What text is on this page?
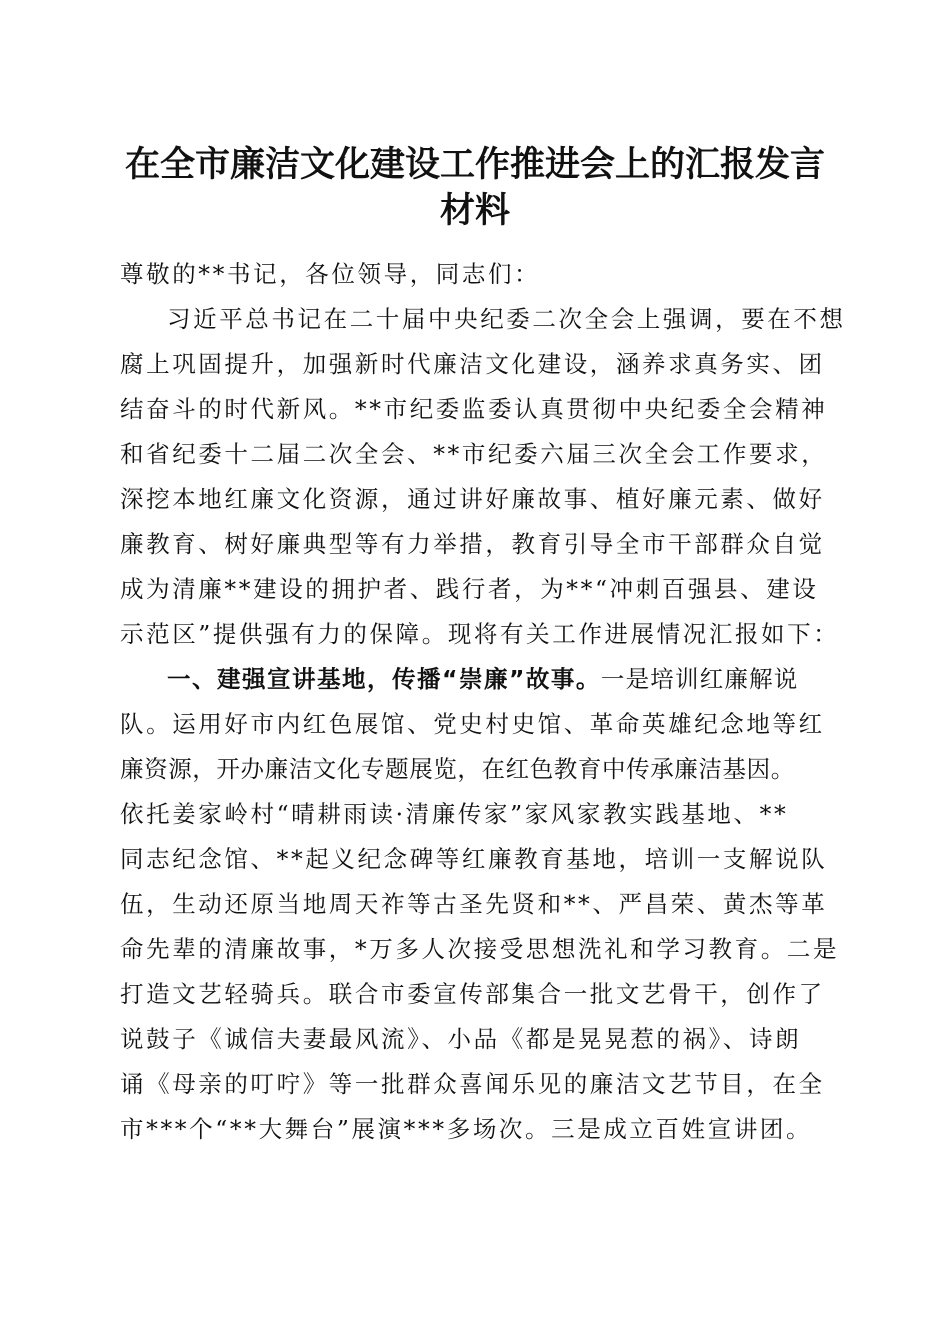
在全市廉洁文化建设工作推进会上的汇报发言
材料
尊敬的**书记，各位领导，同志们：
习近平总书记在二十届中央纪委二次全会上强调，要在不想
腐上巩固提升，加强新时代廉洁文化建设，涵养求真务实、团
结奋斗的时代新风。**市纪委监委认真贯彻中央纪委全会精神
和省纪委十二届二次全会、**市纪委六届三次全会工作要求，
深挖本地红廉文化资源，通过讲好廉故事、植好廉元素、做好
廉教育、树好廉典型等有力举措，教育引导全市干部群众自觉
成为清廉**建设的拥护者、践行者，为**“冲刺百强县、建设
示范区”提供强有力的保障。现将有关工作进展情况汇报如下：
一、建强宣讲基地，传播“崇廉”故事。一是培训红廉解说
队。运用好市内红色展馆、党史村史馆、革命英雄纪念地等红
廉资源，开办廉洁文化专题展览，在红色教育中传承廉洁基因。
依托姜家岭村“晴耕雨读·清廉传家”家风家教实践基地、**
同志纪念馆、**起义纪念碑等红廉教育基地，培训一支解说队
伍，生动还原当地周天祚等古圣先贤和**、严昌荣、黄杰等革
命先辈的清廉故事，*万多人次接受思想洗礼和学习教育。二是
打造文艺轻骑兵。联合市委宣传部集合一批文艺骨干，创作了
说鼓子《诚信夫妻最风流》、小品《都是晃晃惹的祸》、诗朗
诵《母亲的叮咛》等一批群众喜闻乐见的廉洁文艺节目，在全
市***个“**大舞台”展演***多场次。三是成立百姓宣讲团。
